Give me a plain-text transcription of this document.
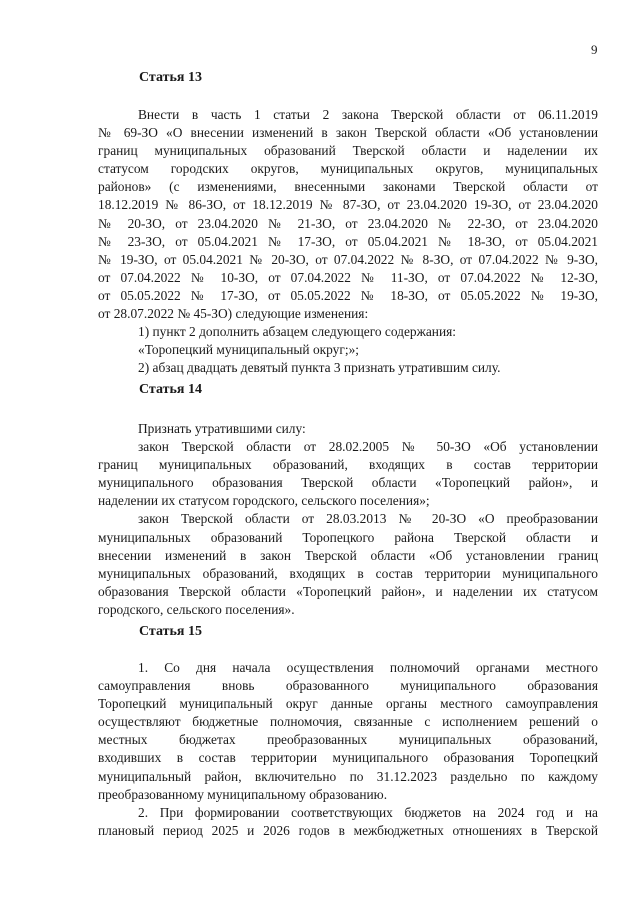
9
Статья 13
Внести в часть 1 статьи 2 закона Тверской области от 06.11.2019
№ 69-ЗО «О внесении изменений в закон Тверской области «Об установлении
границ муниципальных образований Тверской области и наделении их
статусом городских округов, муниципальных округов, муниципальных
районов» (с изменениями, внесенными законами Тверской области от
18.12.2019 № 86-ЗО, от 18.12.2019 № 87-ЗО, от 23.04.2020 19-ЗО, от 23.04.2020
№ 20-ЗО, от 23.04.2020 № 21-ЗО, от 23.04.2020 № 22-ЗО, от 23.04.2020
№ 23-ЗО, от 05.04.2021 № 17-ЗО, от 05.04.2021 № 18-ЗО, от 05.04.2021
№ 19-ЗО, от 05.04.2021 № 20-ЗО, от 07.04.2022 № 8-ЗО, от 07.04.2022 № 9-ЗО,
от 07.04.2022 № 10-ЗО, от 07.04.2022 № 11-ЗО, от 07.04.2022 № 12-ЗО,
от 05.05.2022 № 17-ЗО, от 05.05.2022 № 18-ЗО, от 05.05.2022 № 19-ЗО,
от 28.07.2022 № 45-ЗО) следующие изменения:
1) пункт 2 дополнить абзацем следующего содержания:
«Торопецкий муниципальный округ;»;
2) абзац двадцать девятый пункта 3 признать утратившим силу.
Статья 14
Признать утратившими силу:
закон Тверской области от 28.02.2005 № 50-ЗО «Об установлении
границ муниципальных образований, входящих в состав территории
муниципального образования Тверской области «Торопецкий район», и
наделении их статусом городского, сельского поселения»;
закон Тверской области от 28.03.2013 № 20-ЗО «О преобразовании
муниципальных образований Торопецкого района Тверской области и
внесении изменений в закон Тверской области «Об установлении границ
муниципальных образований, входящих в состав территории муниципального
образования Тверской области «Торопецкий район», и наделении их статусом
городского, сельского поселения».
Статья 15
1. Со дня начала осуществления полномочий органами местного
самоуправления вновь образованного муниципального образования
Торопецкий муниципальный округ данные органы местного самоуправления
осуществляют бюджетные полномочия, связанные с исполнением решений о
местных бюджетах преобразованных муниципальных образований,
входивших в состав территории муниципального образования Торопецкий
муниципальный район, включительно по 31.12.2023 раздельно по каждому
преобразованному муниципальному образованию.
2. При формировании соответствующих бюджетов на 2024 год и на
плановый период 2025 и 2026 годов в межбюджетных отношениях в Тверской
